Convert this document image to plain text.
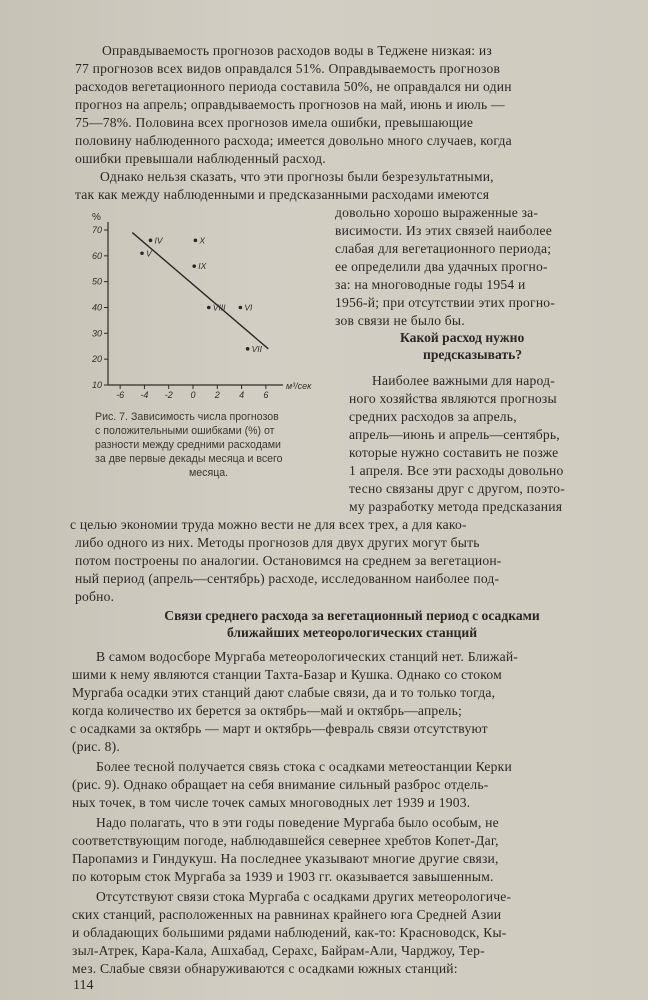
Оправдываемость прогнозов расходов воды в Теджене низкая: из
77 прогнозов всех видов оправдался 51%. Оправдываемость прогнозов
расходов вегетационного периода составила 50%, не оправдался ни один
прогноз на апрель; оправдываемость прогнозов на май, июнь и июль —
75—78%. Половина всех прогнозов имела ошибки, превышающие
половину наблюденного расхода; имеется довольно много случаев, когда
ошибки превышали наблюденный расход.
Однако нельзя сказать, что эти прогнозы были безрезультатными,
так как между наблюденными и предсказанными расходами имеются
довольно хорошо выраженные за-
висимости. Из этих связей наиболее
слабая для вегетационного периода;
ее определили два удачных прогно-
за: на многоводные годы 1954 и
1956-й; при отсутствии этих прогно-
зов связи не было бы.
10
20
30
40
50
60
70
-6 -4 -2 0 2 4 6
%
м³/сек
IV
V
X
IX
VIII VI
VII
Рис. 7. Зависимость числа прогнозов
с положительными ошибками (%) от
разности между средними расходами
за две первые декады месяца и всего
месяца.
Какой расход нужно
предсказывать?
Наиболее важными для народ-
ного хозяйства являются прогнозы
средних расходов за апрель,
апрель—июнь и апрель—сентябрь,
которые нужно составить не позже
1 апреля. Все эти расходы довольно
тесно связаны друг с другом, поэто-
му разработку метода предсказания
с целью экономии труда можно вести не для всех трех, а для како-
либо одного из них. Методы прогнозов для двух других могут быть
потом построены по аналогии. Остановимся на среднем за вегетацион-
ный период (апрель—сентябрь) расходе, исследованном наиболее под-
робно.
Связи среднего расхода за вегетационный период с осадками
ближайших метеорологических станций
В самом водосборе Мургаба метеорологических станций нет. Ближай-
шими к нему являются станции Тахта-Базар и Кушка. Однако со стоком
Мургаба осадки этих станций дают слабые связи, да и то только тогда,
когда количество их берется за октябрь—май и октябрь—апрель;
с осадками за октябрь — март и октябрь—февраль связи отсутствуют
(рис. 8).
Более тесной получается связь стока с осадками метеостанции Керки
(рис. 9). Однако обращает на себя внимание сильный разброс отдель-
ных точек, в том числе точек самых многоводных лет 1939 и 1903.
Надо полагать, что в эти годы поведение Мургаба было особым, не
соответствующим погоде, наблюдавшейся севернее хребтов Копет-Даг,
Паропамиз и Гиндукуш. На последнее указывают многие другие связи,
по которым сток Мургаба за 1939 и 1903 гг. оказывается завышенным.
Отсутствуют связи стока Мургаба с осадками других метеорологиче-
ских станций, расположенных на равнинах крайнего юга Средней Азии
и обладающих большими рядами наблюдений, как-то: Красноводск, Кы-
зыл-Атрек, Кара-Кала, Ашхабад, Серахс, Байрам-Али, Чарджоу, Тер-
мез. Слабые связи обнаруживаются с осадками южных станций:
114
